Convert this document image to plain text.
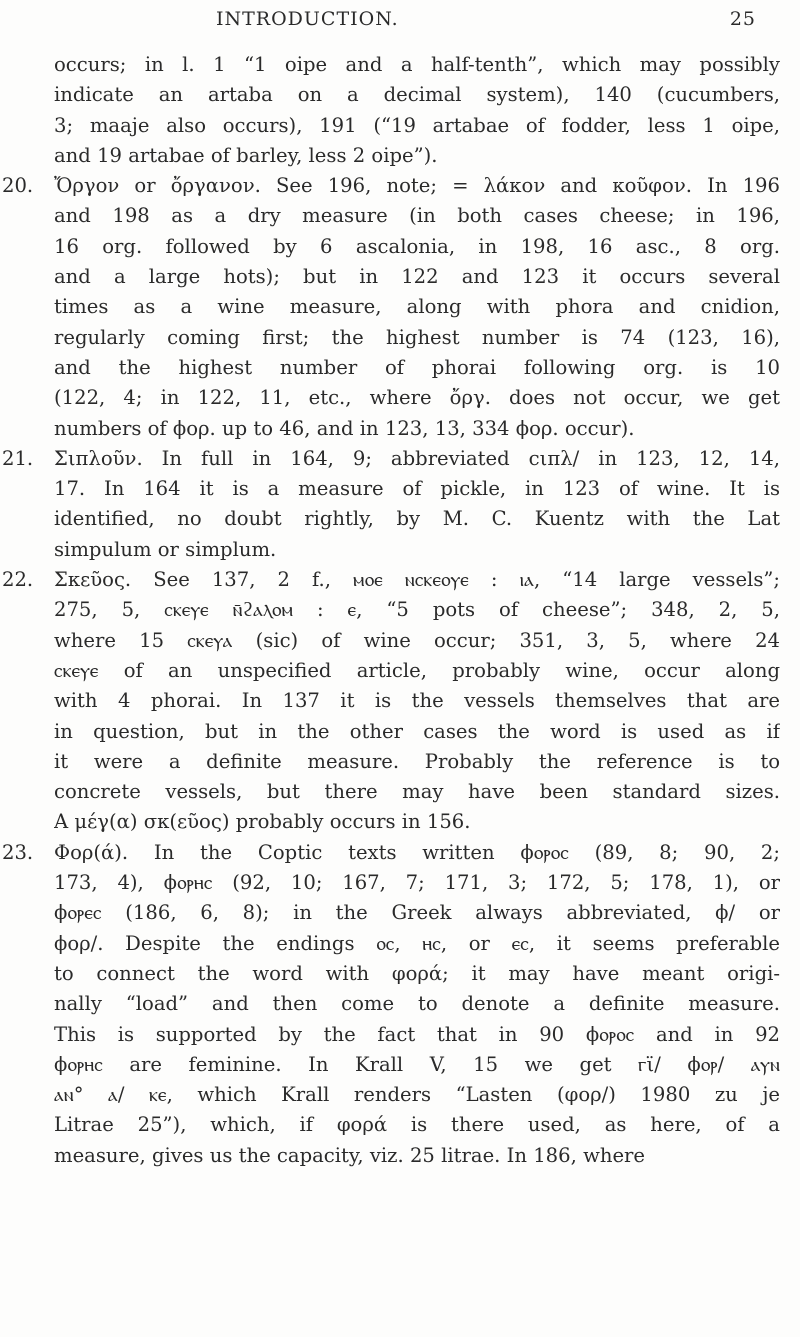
INTRODUCTION.	25
occurs; in l. 1 “1 oipe and a half-tenth”, which may possibly
indicate an artaba on a decimal system), 140 (cucumbers,
3; maaje also occurs), 191 (“19 artabae of fodder, less 1 oipe,
and 19 artabae of barley, less 2 oipe”).
20.	Ὄργον or ὄργανον. See 196, note; = λάκον and κοῦφον. In 196
and 198 as a dry measure (in both cases cheese; in 196,
16 org. followed by 6 ascalonia, in 198, 16 asc., 8 org.
and a large hots); but in 122 and 123 it occurs several
times as a wine measure, along with phora and cnidion,
regularly coming first; the highest number is 74 (123, 16),
and the highest number of phorai following org. is 10
(122, 4; in 122, 11, etc., where ὄργ. does not occur, we get
numbers of ϕορ. up to 46, and in 123, 13, 334 ϕορ. occur).
21.	Σιπλοῦν. In full in 164, 9; abbreviated ϲιπλ/ in 123, 12, 14,
17. In 164 it is a measure of pickle, in 123 of wine. It is
identified, no doubt rightly, by M. C. Kuentz with the Lat
simpulum or simplum.
22.	Σκεῦος. See 137, 2 f., ⲙⲟⲉ ⲛⲥⲕⲉⲟⲩⲉ : ⲓⲁ, “14 large vessels”;
275, 5, ⲥⲕⲉⲩⲉ ⲛ̄ϩⲁⲗⲟⲙ : ⲉ, “5 pots of cheese”; 348, 2, 5,
where 15 ⲥⲕⲉⲩⲁ (sic) of wine occur; 351, 3, 5, where 24
ⲥⲕⲉⲩⲉ of an unspecified article, probably wine, occur along
with 4 phorai. In 137 it is the vessels themselves that are
in question, but in the other cases the word is used as if
it were a definite measure. Probably the reference is to
concrete vessels, but there may have been standard sizes.
A μέγ(α) σκ(εῦος) probably occurs in 156.
23.	Φορ(ά). In the Coptic texts written ϕⲟⲣⲟⲥ (89, 8; 90, 2;
173, 4), ϕⲟⲣⲏⲥ (92, 10; 167, 7; 171, 3; 172, 5; 178, 1), or
ϕⲟⲣⲉⲥ (186, 6, 8); in the Greek always abbreviated, ϕ/ or
ϕορ/. Despite the endings ⲟⲥ, ⲏⲥ, or ⲉⲥ, it seems preferable
to connect the word with φορά; it may have meant origi-
nally “load” and then come to denote a definite measure.
This is supported by the fact that in 90 ϕⲟⲣⲟⲥ and in 92
ϕⲟⲣⲏⲥ are feminine. In Krall V, 15 we get ⲅϊ/ ϕⲟⲣ/ ⲁⲩⲛ
ⲁⲛ° ⲁ/ ⲕⲉ, which Krall renders “Lasten (φορ/) 1980 zu je
Litrae 25”), which, if φορά is there used, as here, of a
measure, gives us the capacity, viz. 25 litrae. In 186, where
